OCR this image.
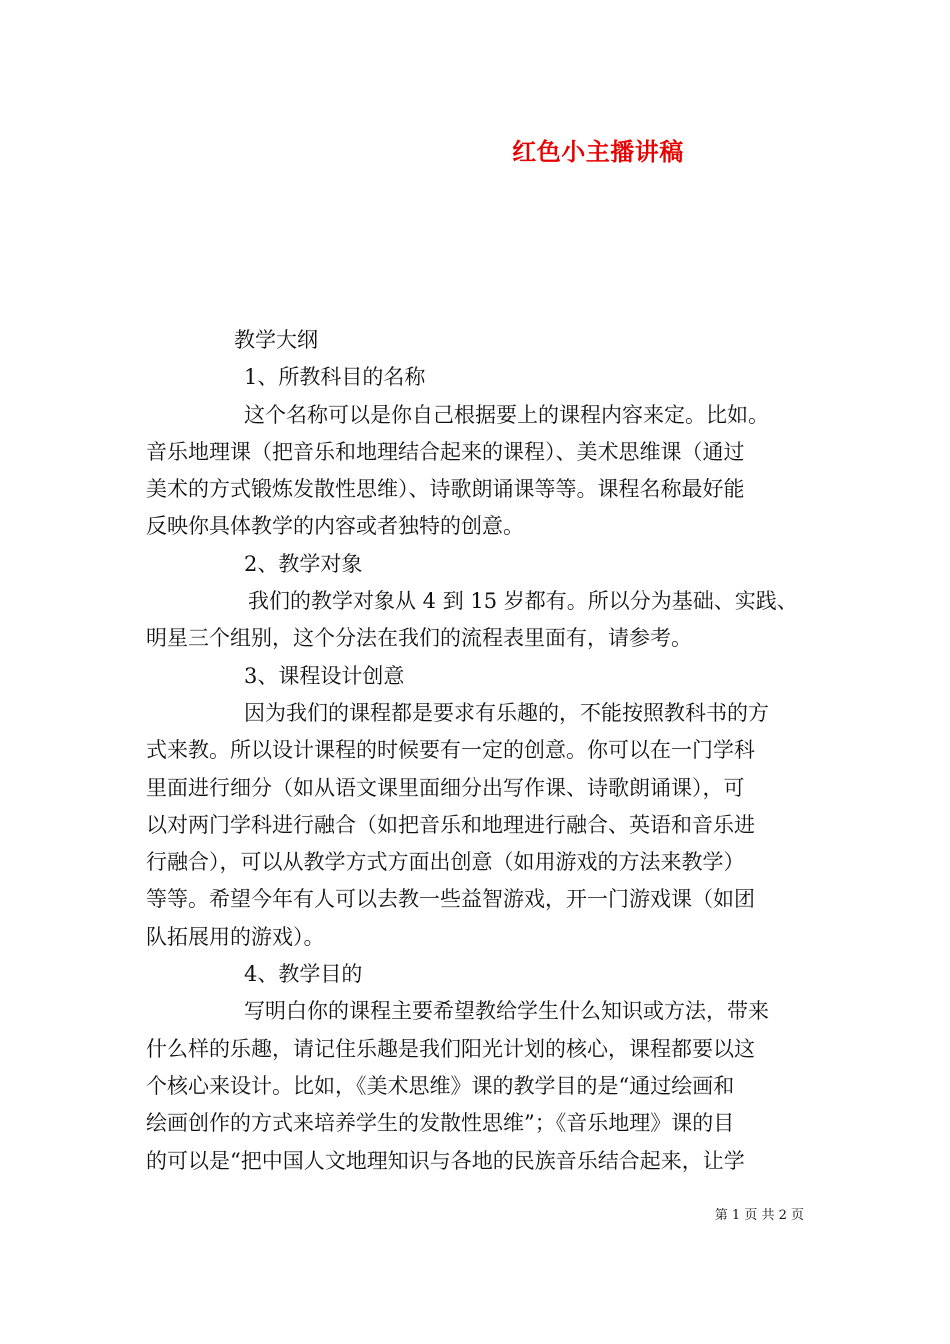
红色小主播讲稿
教学大纲
1、所教科目的名称
这个名称可以是你自己根据要上的课程内容来定。比如。
音乐地理课（把音乐和地理结合起来的课程）、美术思维课（通过
美术的方式锻炼发散性思维）、诗歌朗诵课等等。课程名称最好能
反映你具体教学的内容或者独特的创意。
2、教学对象
我们的教学对象从 4 到 15 岁都有。所以分为基础、实践、
明星三个组别，这个分法在我们的流程表里面有，请参考。
3、课程设计创意
因为我们的课程都是要求有乐趣的，不能按照教科书的方
式来教。所以设计课程的时候要有一定的创意。你可以在一门学科
里面进行细分（如从语文课里面细分出写作课、诗歌朗诵课），可
以对两门学科进行融合（如把音乐和地理进行融合、英语和音乐进
行融合），可以从教学方式方面出创意（如用游戏的方法来教学）
等等。希望今年有人可以去教一些益智游戏，开一门游戏课（如团
队拓展用的游戏）。
4、教学目的
写明白你的课程主要希望教给学生什么知识或方法，带来
什么样的乐趣，请记住乐趣是我们阳光计划的核心，课程都要以这
个核心来设计。比如，《美术思维》课的教学目的是“通过绘画和
绘画创作的方式来培养学生的发散性思维”；《音乐地理》课的目
的可以是“把中国人文地理知识与各地的民族音乐结合起来，让学
第 1 页 共 2 页
